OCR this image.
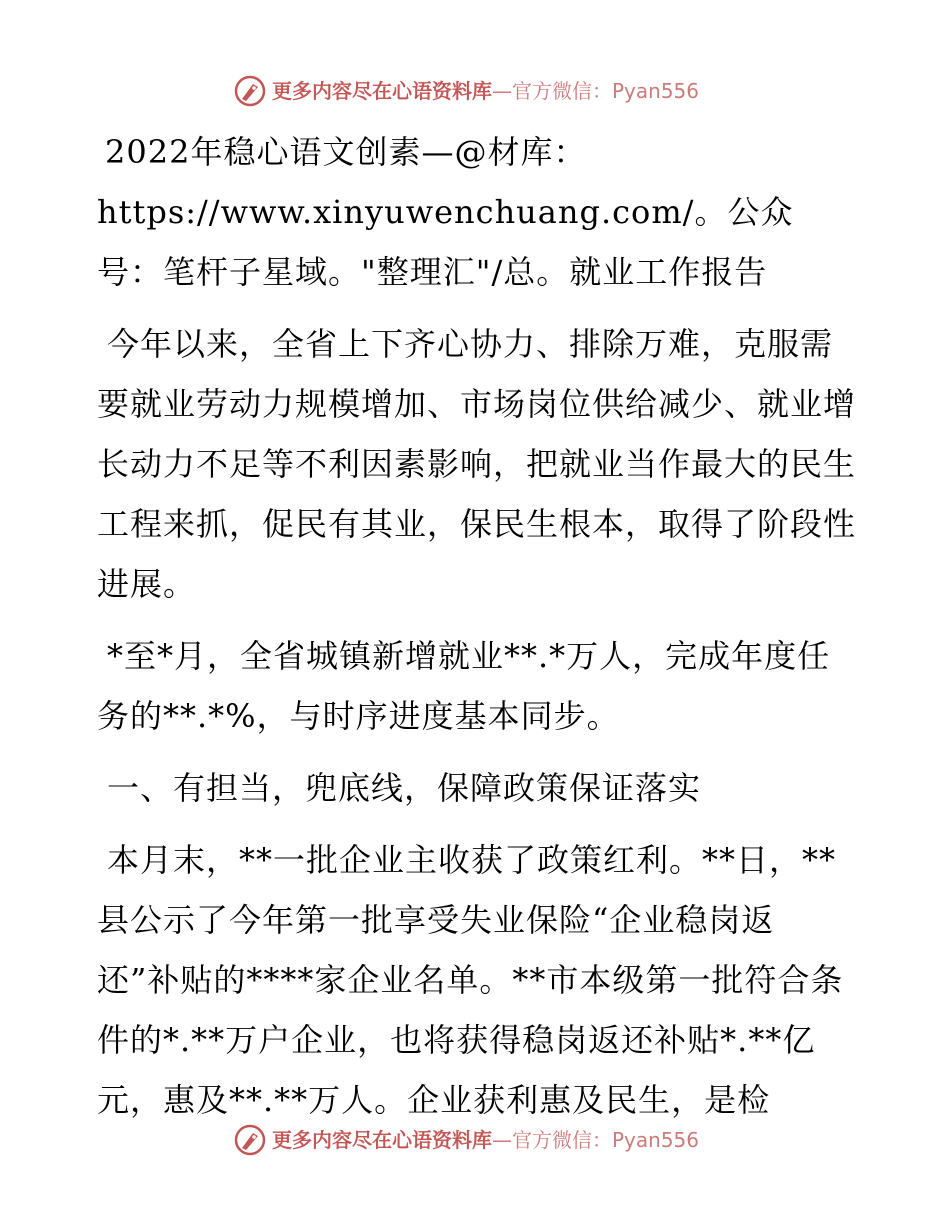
更多内容尽在心语资料库—官方微信：Pyan556

2022年稳心语文创素—@材库：https://www.xinyuwenchuang.com/。公众号：笔杆子星域。"整理汇"/总。就业工作报告

今年以来，全省上下齐心协力、排除万难，克服需要就业劳动力规模增加、市场岗位供给减少、就业增长动力不足等不利因素影响，把就业当作最大的民生工程来抓，促民有其业，保民生根本，取得了阶段性进展。

*至*月，全省城镇新增就业**.*万人，完成年度任务的**.*%，与时序进度基本同步。

一、有担当，兜底线，保障政策保证落实

本月末，**一批企业主收获了政策红利。**日，**县公示了今年第一批享受失业保险“企业稳岗返还”补贴的****家企业名单。**市本级第一批符合条件的*.**万户企业，也将获得稳岗返还补贴*.**亿元，惠及**.**万人。企业获利惠及民生，是检

更多内容尽在心语资料库—官方微信：Pyan556
